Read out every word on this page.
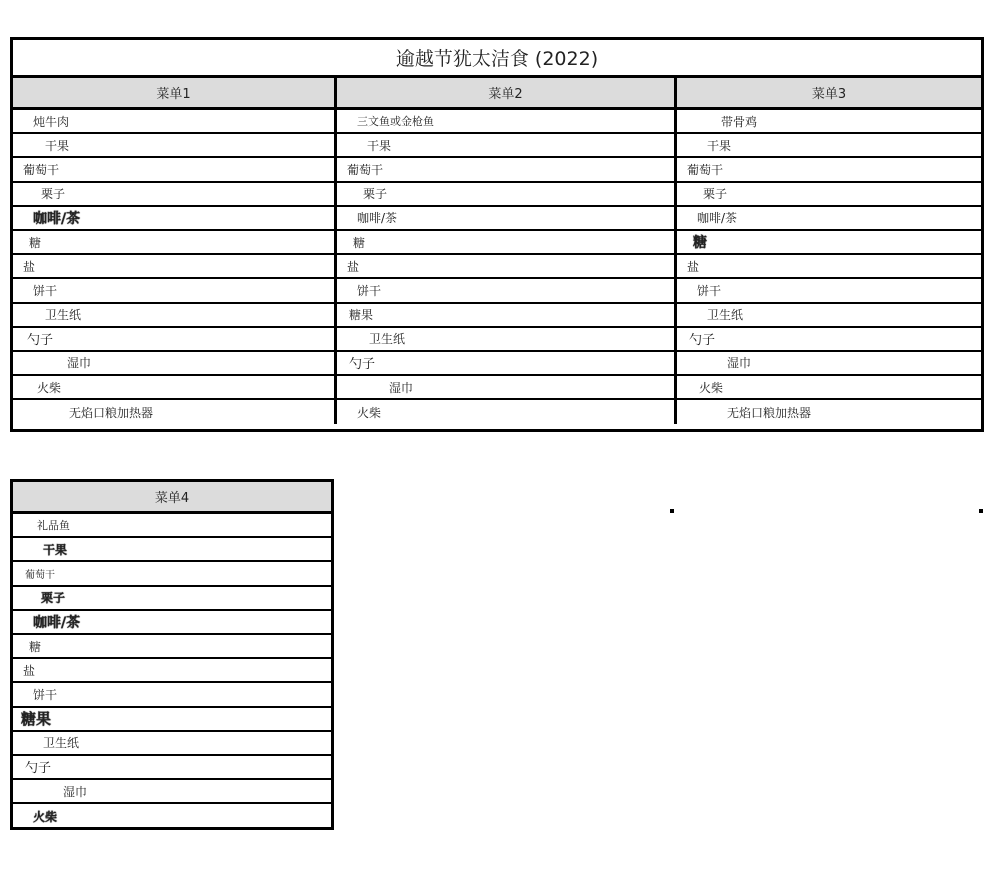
逾越节犹太洁食 (2022)
菜单1
炖牛肉
干果
葡萄干
栗子
咖啡/茶
糖
盐
饼干
卫生纸
勺子
湿巾
火柴
无焰口粮加热器
菜单2
三文鱼或金枪鱼
干果
葡萄干
栗子
咖啡/茶
糖
盐
饼干
糖果
卫生纸
勺子
湿巾
火柴
菜单3
带骨鸡
干果
葡萄干
栗子
咖啡/茶
糖
盐
饼干
卫生纸
勺子
湿巾
火柴
无焰口粮加热器
菜单4
礼品鱼
干果
葡萄干
栗子
咖啡/茶
糖
盐
饼干
糖果
卫生纸
勺子
湿巾
火柴
